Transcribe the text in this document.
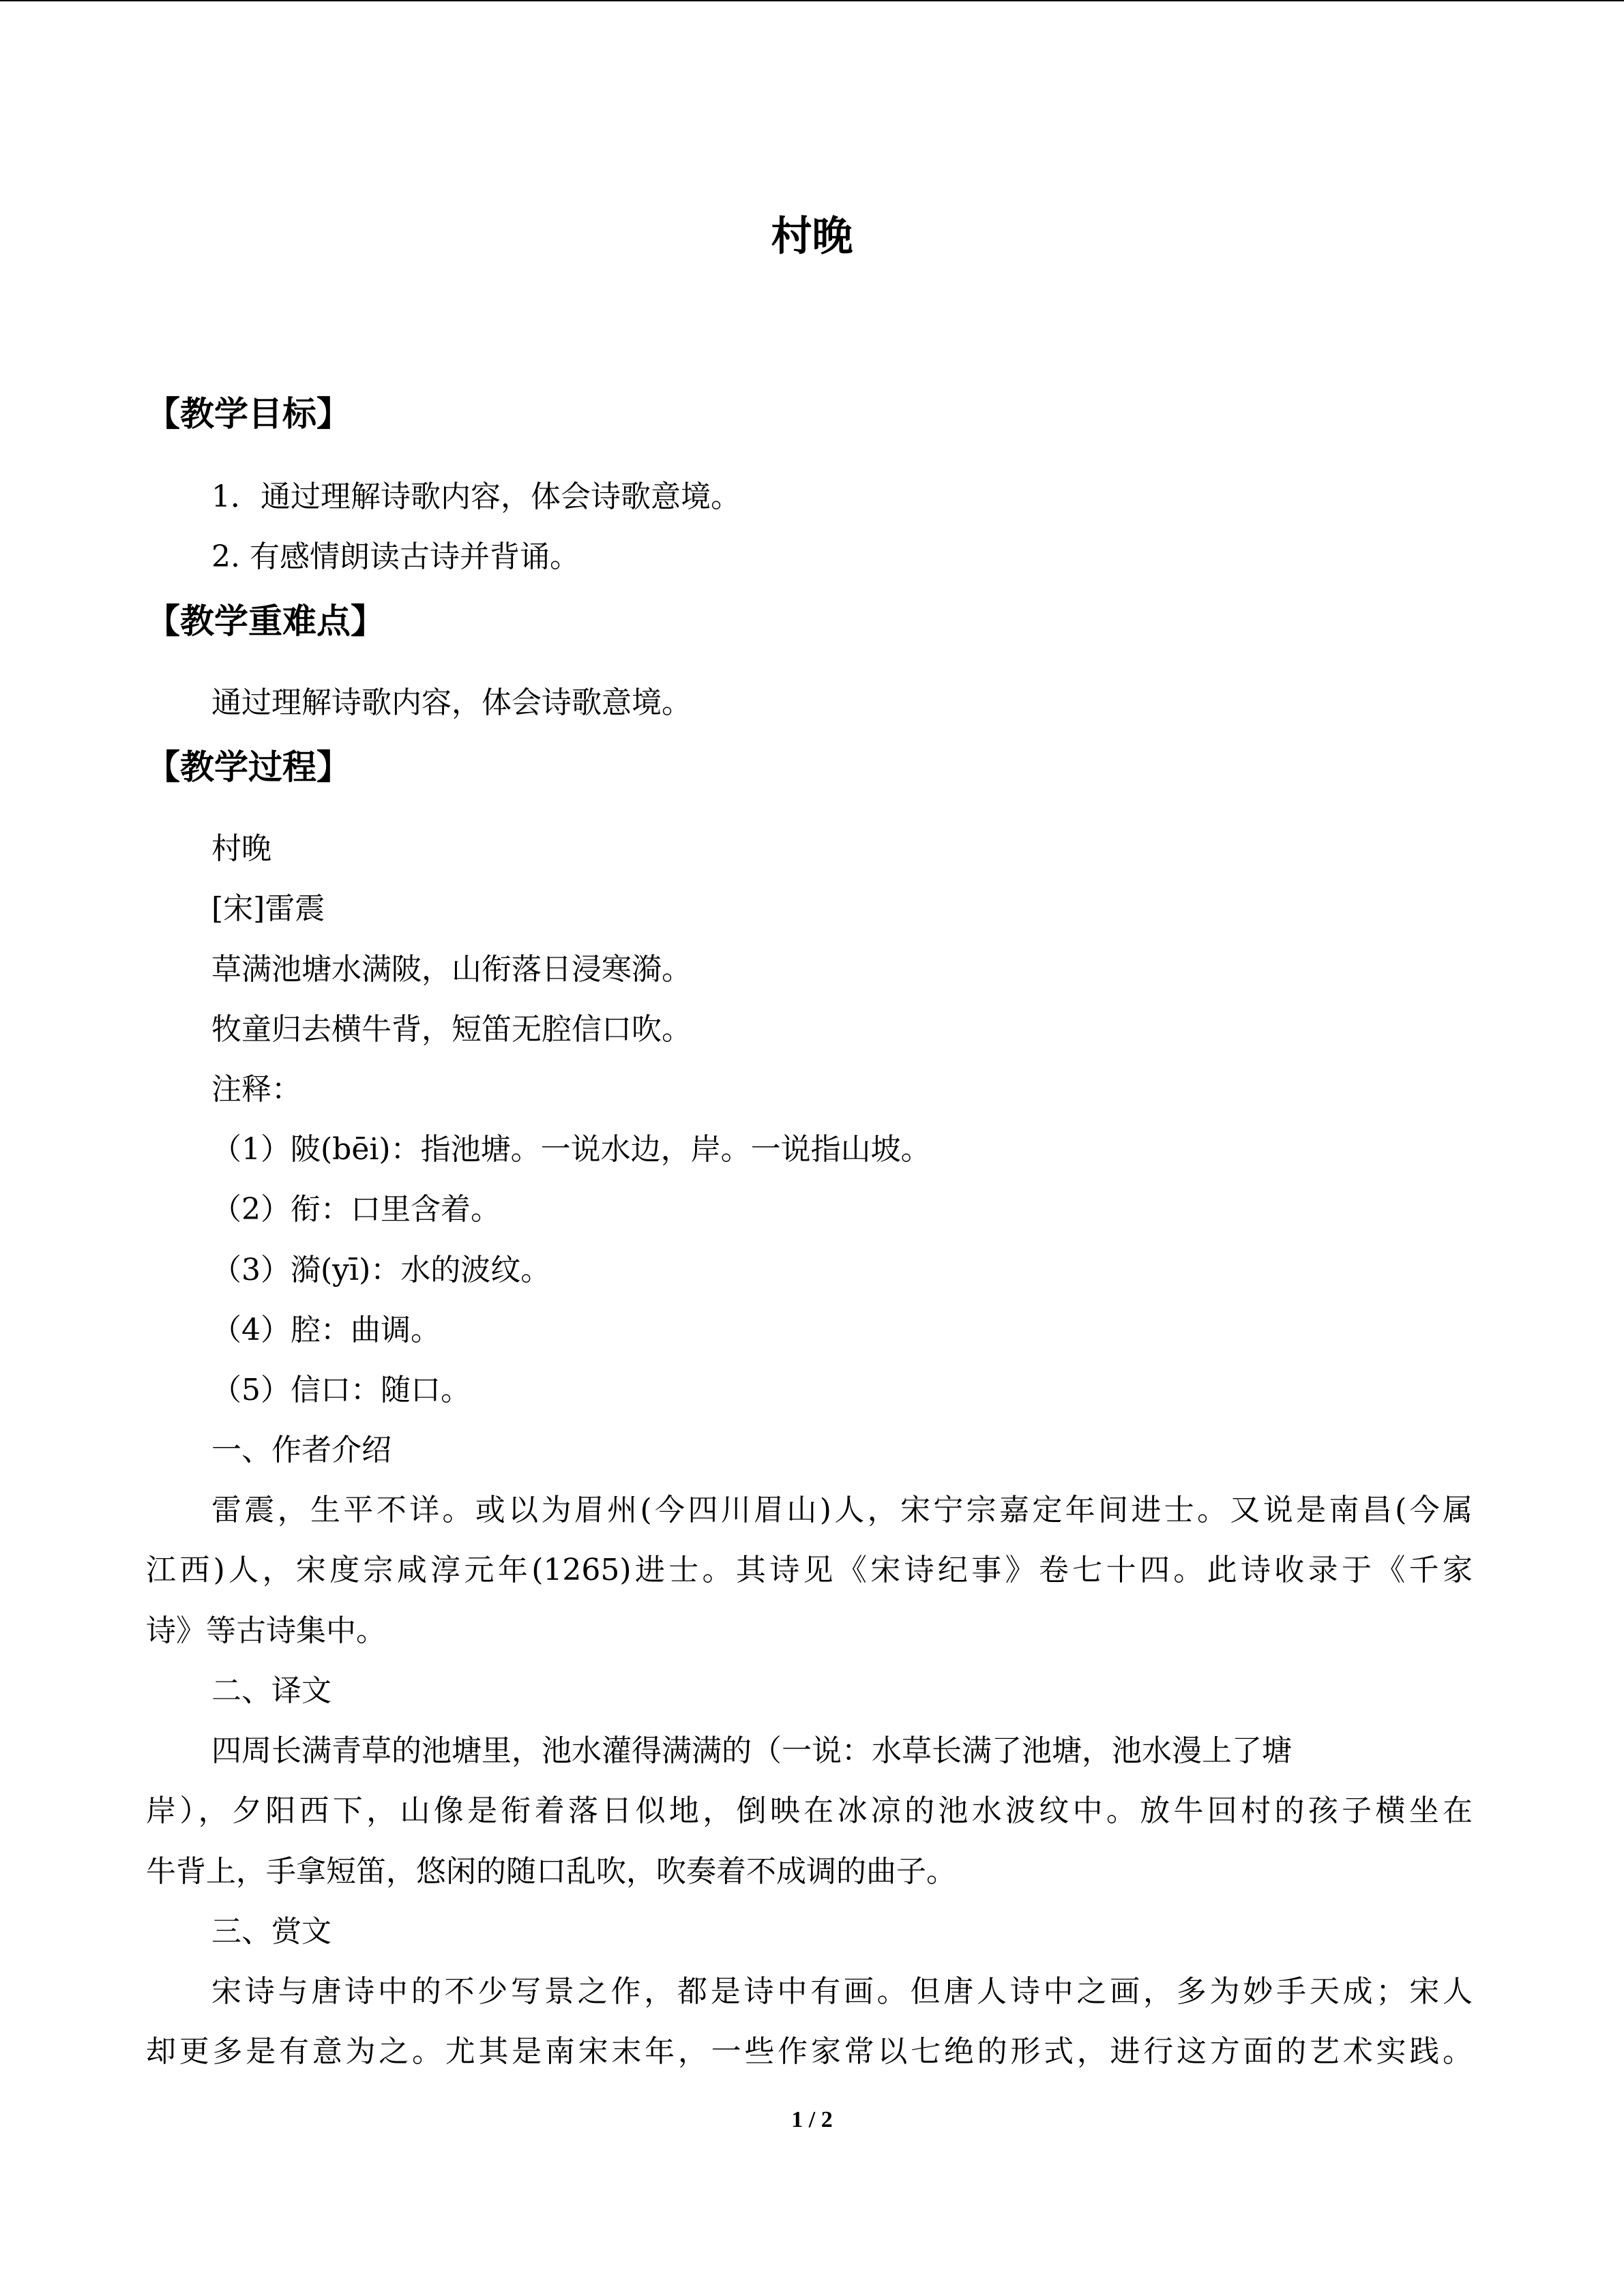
村晚
【教学目标】
1．通过理解诗歌内容，体会诗歌意境。
2. 有感情朗读古诗并背诵。
【教学重难点】
通过理解诗歌内容，体会诗歌意境。
【教学过程】
村晚
[宋]雷震
草满池塘水满陂，山衔落日浸寒漪。
牧童归去横牛背，短笛无腔信口吹。
注释：
（1）陂(bēi)：指池塘。一说水边，岸。一说指山坡。
（2）衔：口里含着。
（3）漪(yī)：水的波纹。
（4）腔：曲调。
（5）信口：随口。
一、作者介绍
雷震，生平不详。或以为眉州(今四川眉山)人，宋宁宗嘉定年间进士。又说是南昌(今属
江西)人，宋度宗咸淳元年(1265)进士。其诗见《宋诗纪事》卷七十四。此诗收录于《千家
诗》等古诗集中。
二、译文
四周长满青草的池塘里，池水灌得满满的（一说：水草长满了池塘，池水漫上了塘
岸），夕阳西下，山像是衔着落日似地，倒映在冰凉的池水波纹中。放牛回村的孩子横坐在
牛背上，手拿短笛，悠闲的随口乱吹，吹奏着不成调的曲子。
三、赏文
宋诗与唐诗中的不少写景之作，都是诗中有画。但唐人诗中之画，多为妙手天成；宋人
却更多是有意为之。尤其是南宋末年，一些作家常以七绝的形式，进行这方面的艺术实践。
1 / 2
